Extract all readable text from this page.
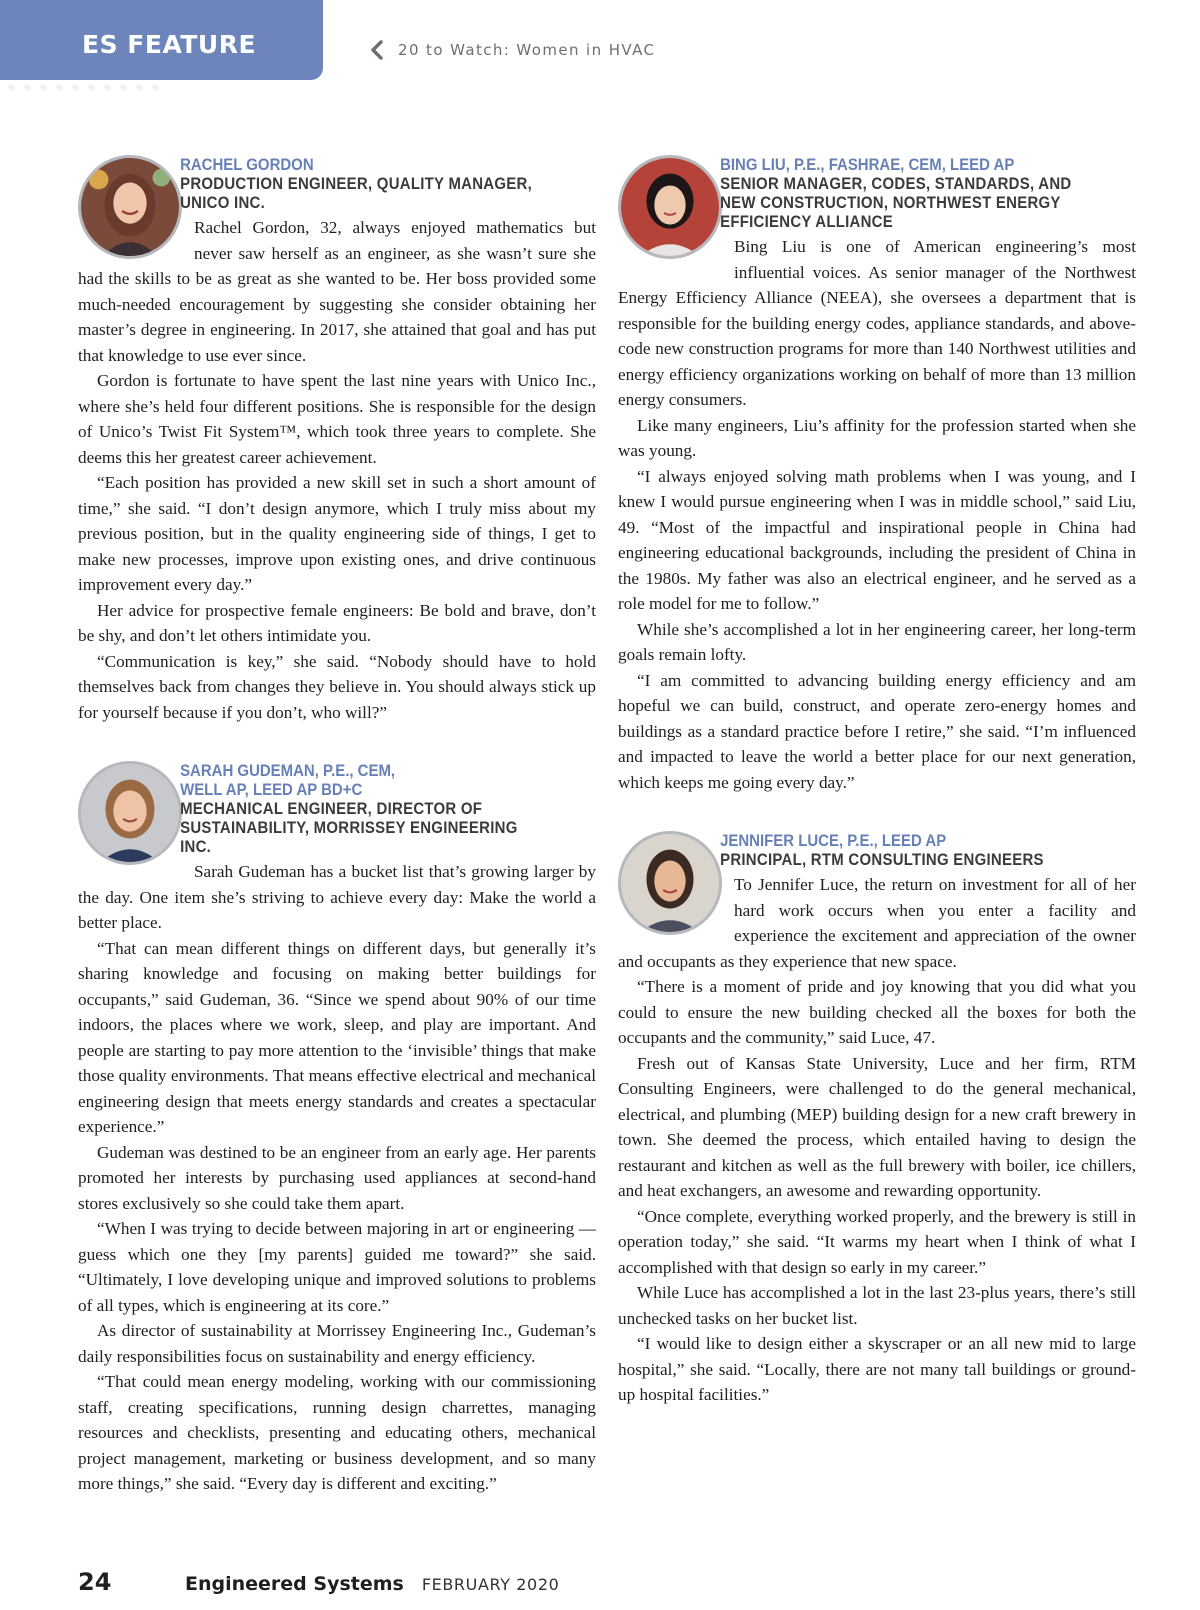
ES FEATURE	20 to Watch: Women in HVAC
RACHEL GORDON
PRODUCTION ENGINEER, QUALITY MANAGER,
UNICO INC.

Rachel Gordon, 32, always enjoyed mathematics but never saw herself as an engineer, as she wasn’t sure she had the skills to be as great as she wanted to be. Her boss provided some much-needed encouragement by suggesting she consider obtaining her master’s degree in engineering. In 2017, she attained that goal and has put that knowledge to use ever since.

Gordon is fortunate to have spent the last nine years with Unico Inc., where she’s held four different positions. She is responsible for the design of Unico’s Twist Fit System™, which took three years to complete. She deems this her greatest career achievement.

“Each position has provided a new skill set in such a short amount of time,” she said. “I don’t design anymore, which I truly miss about my previous position, but in the quality engineering side of things, I get to make new processes, improve upon existing ones, and drive continuous improvement every day.”

Her advice for prospective female engineers: Be bold and brave, don’t be shy, and don’t let others intimidate you.

“Communication is key,” she said. “Nobody should have to hold themselves back from changes they believe in. You should always stick up for yourself because if you don’t, who will?”

SARAH GUDEMAN, P.E., CEM,
WELL AP, LEED AP BD+C
MECHANICAL ENGINEER, DIRECTOR OF
SUSTAINABILITY, MORRISSEY ENGINEERING INC.

Sarah Gudeman has a bucket list that’s growing larger by the day. One item she’s striving to achieve every day: Make the world a better place.

“That can mean different things on different days, but generally it’s sharing knowledge and focusing on making better buildings for occupants,” said Gudeman, 36. “Since we spend about 90% of our time indoors, the places where we work, sleep, and play are important. And people are starting to pay more attention to the ‘invisible’ things that make those quality environments. That means effective electrical and mechanical engineering design that meets energy standards and creates a spectacular experience.”

Gudeman was destined to be an engineer from an early age. Her parents promoted her interests by purchasing used appliances at second-hand stores exclusively so she could take them apart.

“When I was trying to decide between majoring in art or engineering — guess which one they [my parents] guided me toward?” she said. “Ultimately, I love developing unique and improved solutions to problems of all types, which is engineering at its core.”

As director of sustainability at Morrissey Engineering Inc., Gudeman’s daily responsibilities focus on sustainability and energy efficiency.

“That could mean energy modeling, working with our commissioning staff, creating specifications, running design charrettes, managing resources and checklists, presenting and educating others, mechanical project management, marketing or business development, and so many more things,” she said. “Every day is different and exciting.”

BING LIU, P.E., FASHRAE, CEM, LEED AP
SENIOR MANAGER, CODES, STANDARDS, AND
NEW CONSTRUCTION, NORTHWEST ENERGY
EFFICIENCY ALLIANCE

Bing Liu is one of American engineering’s most influential voices. As senior manager of the Northwest Energy Efficiency Alliance (NEEA), she oversees a department that is responsible for the building energy codes, appliance standards, and above-code new construction programs for more than 140 Northwest utilities and energy efficiency organizations working on behalf of more than 13 million energy consumers.

Like many engineers, Liu’s affinity for the profession started when she was young.

“I always enjoyed solving math problems when I was young, and I knew I would pursue engineering when I was in middle school,” said Liu, 49. “Most of the impactful and inspirational people in China had engineering educational backgrounds, including the president of China in the 1980s. My father was also an electrical engineer, and he served as a role model for me to follow.”

While she’s accomplished a lot in her engineering career, her long-term goals remain lofty.

“I am committed to advancing building energy efficiency and am hopeful we can build, construct, and operate zero-energy homes and buildings as a standard practice before I retire,” she said. “I’m influenced and impacted to leave the world a better place for our next generation, which keeps me going every day.”

JENNIFER LUCE, P.E., LEED AP
PRINCIPAL, RTM CONSULTING ENGINEERS

To Jennifer Luce, the return on investment for all of her hard work occurs when you enter a facility and experience the excitement and appreciation of the owner and occupants as they experience that new space.

“There is a moment of pride and joy knowing that you did what you could to ensure the new building checked all the boxes for both the occupants and the community,” said Luce, 47.

Fresh out of Kansas State University, Luce and her firm, RTM Consulting Engineers, were challenged to do the general mechanical, electrical, and plumbing (MEP) building design for a new craft brewery in town. She deemed the process, which entailed having to design the restaurant and kitchen as well as the full brewery with boiler, ice chillers, and heat exchangers, an awesome and rewarding opportunity.

“Once complete, everything worked properly, and the brewery is still in operation today,” she said. “It warms my heart when I think of what I accomplished with that design so early in my career.”

While Luce has accomplished a lot in the last 23-plus years, there’s still unchecked tasks on her bucket list.

“I would like to design either a skyscraper or an all new mid to large hospital,” she said. “Locally, there are not many tall buildings or ground-up hospital facilities.”

24	Engineered Systems FEBRUARY 2020
